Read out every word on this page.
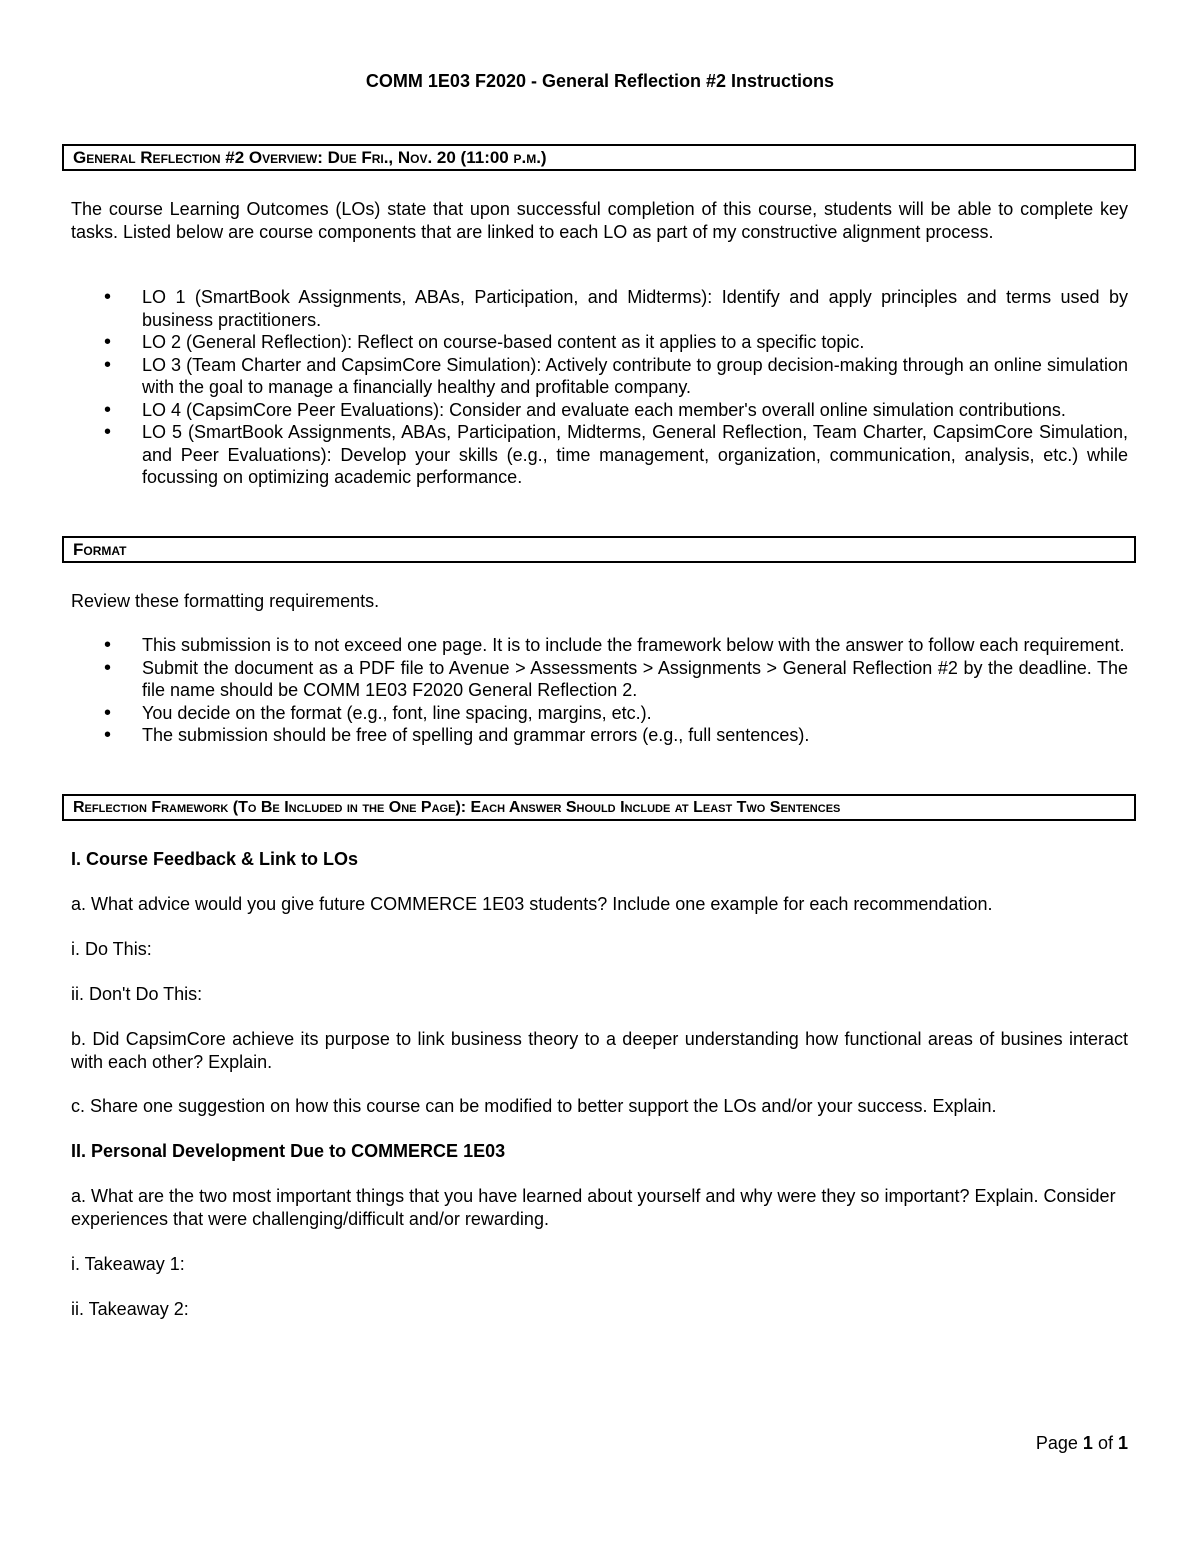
COMM 1E03 F2020 - General Reflection #2 Instructions
General Reflection #2 Overview: Due Fri., Nov. 20 (11:00 p.m.)

The course Learning Outcomes (LOs) state that upon successful completion of this course, students will be able to complete key tasks. Listed below are course components that are linked to each LO as part of my constructive alignment process.

• LO 1 (SmartBook Assignments, ABAs, Participation, and Midterms): Identify and apply principles and terms used by business practitioners.
• LO 2 (General Reflection): Reflect on course-based content as it applies to a specific topic.
• LO 3 (Team Charter and CapsimCore Simulation): Actively contribute to group decision-making through an online simulation with the goal to manage a financially healthy and profitable company.
• LO 4 (CapsimCore Peer Evaluations): Consider and evaluate each member's overall online simulation contributions.
• LO 5 (SmartBook Assignments, ABAs, Participation, Midterms, General Reflection, Team Charter, CapsimCore Simulation, and Peer Evaluations): Develop your skills (e.g., time management, organization, communication, analysis, etc.) while focussing on optimizing academic performance.
Format

Review these formatting requirements.

• This submission is to not exceed one page. It is to include the framework below with the answer to follow each requirement.
• Submit the document as a PDF file to Avenue > Assessments > Assignments > General Reflection #2 by the deadline. The file name should be COMM 1E03 F2020 General Reflection 2.
• You decide on the format (e.g., font, line spacing, margins, etc.).
• The submission should be free of spelling and grammar errors (e.g., full sentences).
Reflection Framework (To Be Included in the One Page): Each Answer Should Include at Least Two Sentences

I. Course Feedback & Link to LOs

a. What advice would you give future COMMERCE 1E03 students? Include one example for each recommendation.

i. Do This:

ii. Don't Do This:

b. Did CapsimCore achieve its purpose to link business theory to a deeper understanding how functional areas of busines interact with each other? Explain.

c. Share one suggestion on how this course can be modified to better support the LOs and/or your success. Explain.

II. Personal Development Due to COMMERCE 1E03

a. What are the two most important things that you have learned about yourself and why were they so important? Explain. Consider experiences that were challenging/difficult and/or rewarding.

i. Takeaway 1:

ii. Takeaway 2:

Page 1 of 1
